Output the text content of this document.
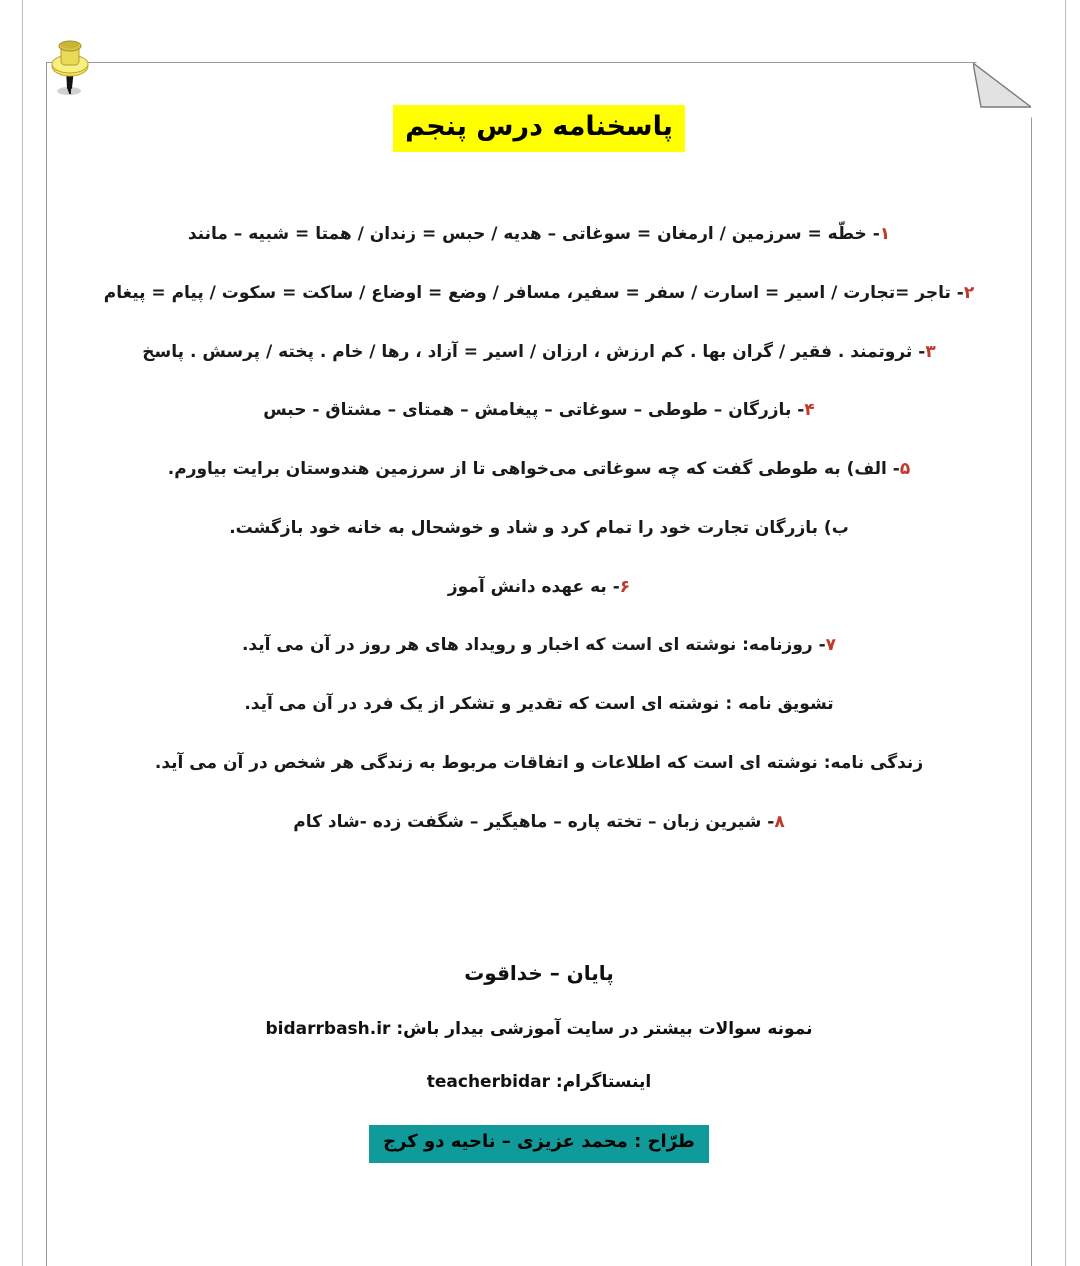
پاسخنامه درس پنجم

۱- خطّه = سرزمین / ارمغان = سوغاتی – هدیه / حبس = زندان / همتا = شبیه – مانند

۲- تاجر =تجارت / اسیر = اسارت / سفر = سفیر، مسافر / وضع = اوضاع / ساکت = سکوت / پیام = پیغام

۳- ثروتمند . فقیر / گران بها . کم ارزش ، ارزان / اسیر = آزاد ، رها / خام . پخته / پرسش . پاسخ

۴- بازرگان – طوطی – سوغاتی – پیغامش – همتای – مشتاق - حبس

۵- الف) به طوطی گفت که چه سوغاتی می‌خواهی تا از سرزمین هندوستان برایت بیاورم.

ب) بازرگان تجارت خود را تمام کرد و شاد و خوشحال به خانه خود بازگشت.

۶- به عهده دانش آموز

۷- روزنامه: نوشته ای است که اخبار و رویداد های هر روز در آن می آید.

تشویق نامه : نوشته ای است که تقدیر و تشکر از یک فرد در آن می آید.

زندگی نامه: نوشته ای است که اطلاعات و اتفاقات مربوط به زندگی هر شخص در آن می آید.

۸- شیرین زبان – تخته پاره – ماهیگیر – شگفت زده -شاد کام

پایان – خداقوت

نمونه سوالات بیشتر در سایت آموزشی بیدار باش: bidarrbash.ir

اینستاگرام: teacherbidar

طرّاح : محمد عزیزی – ناحیه دو کرج
